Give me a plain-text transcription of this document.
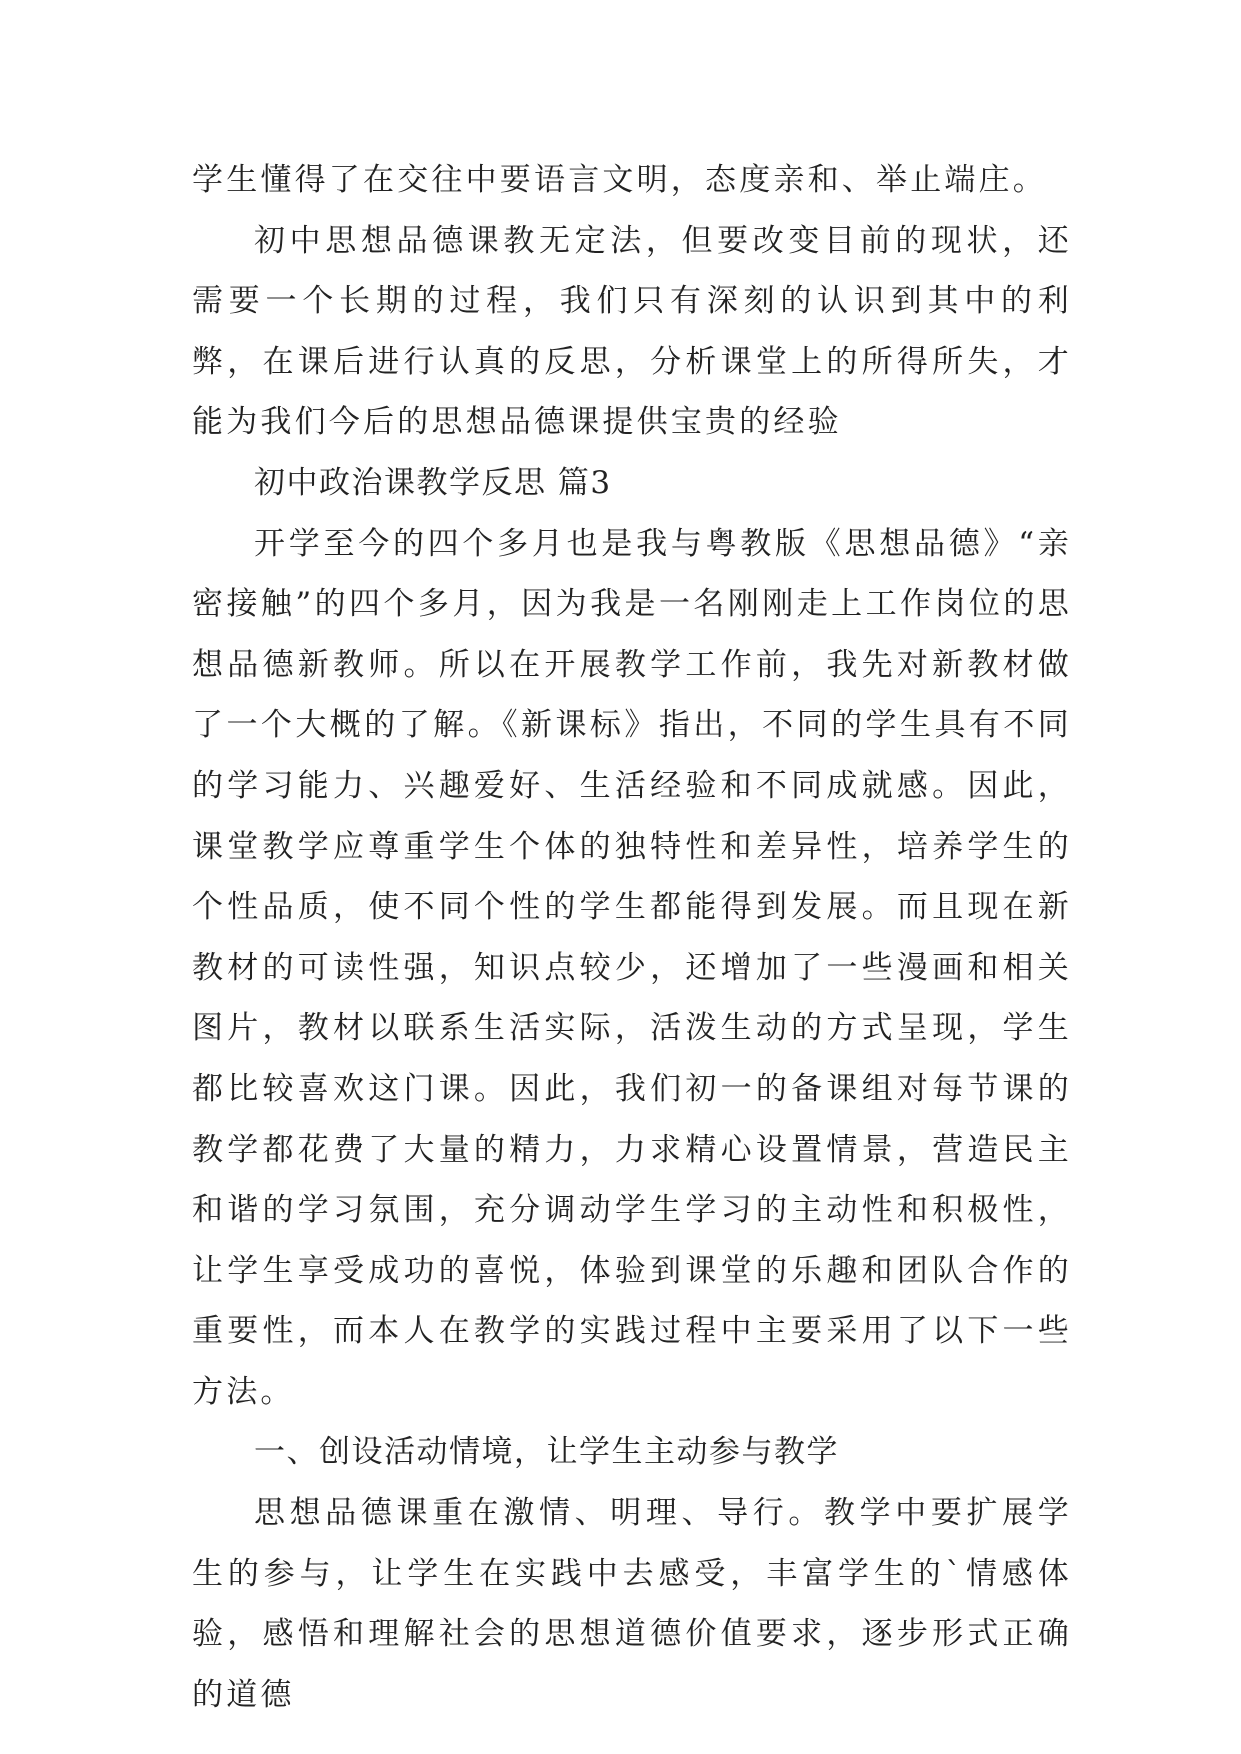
学生懂得了在交往中要语言文明，态度亲和、举止端庄。

初中思想品德课教无定法，但要改变目前的现状，还需要一个长期的过程，我们只有深刻的认识到其中的利弊，在课后进行认真的反思，分析课堂上的所得所失，才能为我们今后的思想品德课提供宝贵的经验

初中政治课教学反思 篇3

开学至今的四个多月也是我与粤教版《思想品德》“亲密接触”的四个多月，因为我是一名刚刚走上工作岗位的思想品德新教师。所以在开展教学工作前，我先对新教材做了一个大概的了解。《新课标》指出，不同的学生具有不同的学习能力、兴趣爱好、生活经验和不同成就感。因此，课堂教学应尊重学生个体的独特性和差异性，培养学生的个性品质，使不同个性的学生都能得到发展。而且现在新教材的可读性强，知识点较少，还增加了一些漫画和相关图片，教材以联系生活实际，活泼生动的方式呈现，学生都比较喜欢这门课。因此，我们初一的备课组对每节课的教学都花费了大量的精力，力求精心设置情景，营造民主和谐的学习氛围，充分调动学生学习的主动性和积极性，让学生享受成功的喜悦，体验到课堂的乐趣和团队合作的重要性，而本人在教学的实践过程中主要采用了以下一些方法。

一、创设活动情境，让学生主动参与教学

思想品德课重在激情、明理、导行。教学中要扩展学生的参与，让学生在实践中去感受，丰富学生的`情感体验，感悟和理解社会的思想道德价值要求，逐步形式正确的道德
